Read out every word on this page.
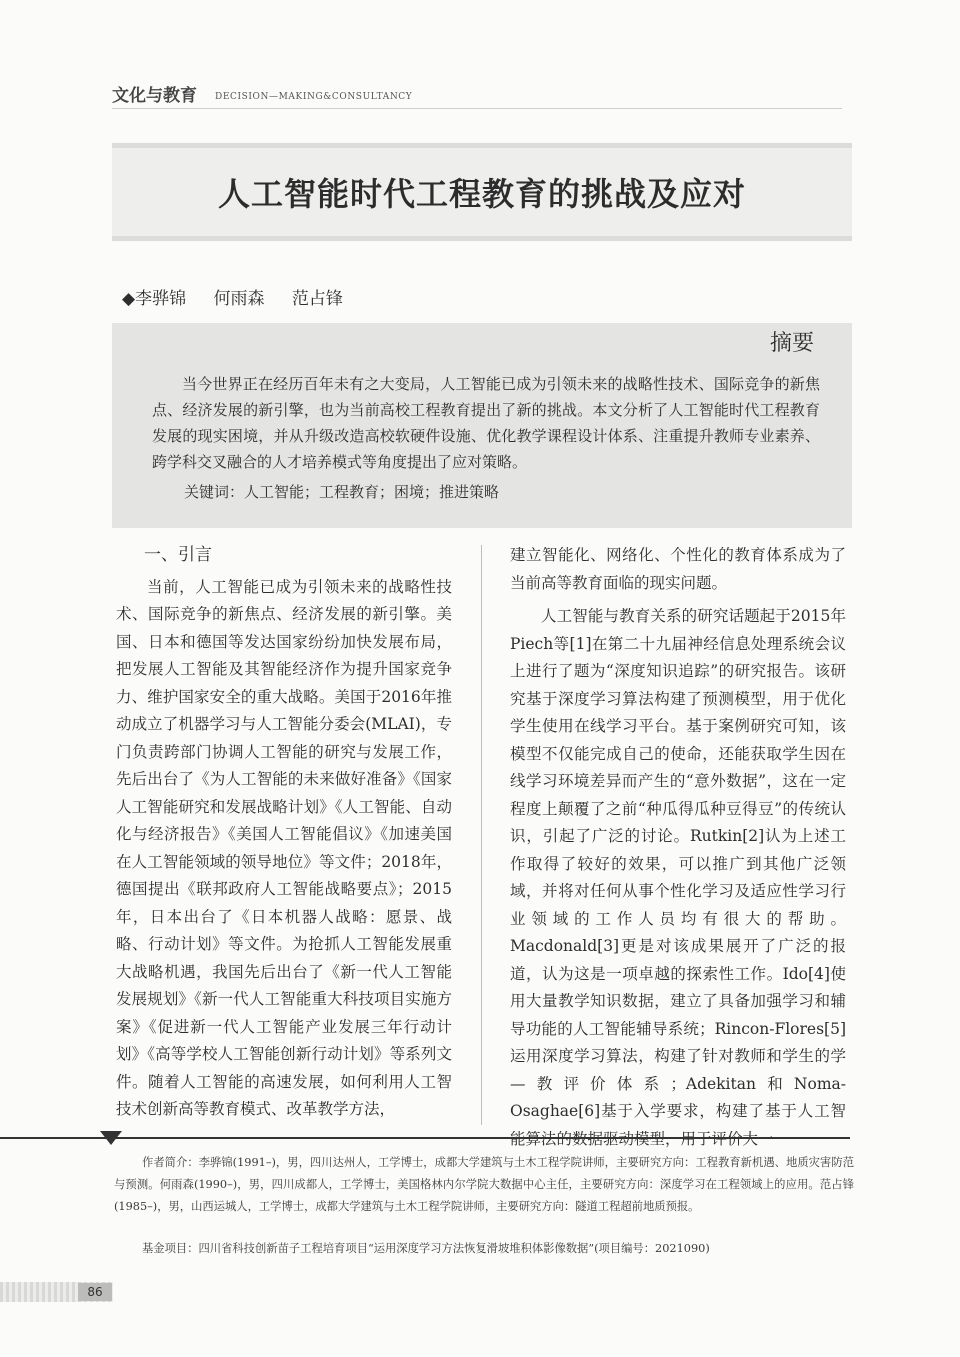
文化与教育	DECISION—MAKING&CONSULTANCY
人工智能时代工程教育的挑战及应对
◆李骅锦 何雨森 范占锋
摘要
当今世界正在经历百年未有之大变局，人工智能已成为引领未来的战略性技术、国际竞争的新焦点、经济发展的新引擎，也为当前高校工程教育提出了新的挑战。本文分析了人工智能时代工程教育发展的现实困境，并从升级改造高校软硬件设施、优化教学课程设计体系、注重提升教师专业素养、跨学科交叉融合的人才培养模式等角度提出了应对策略。
关键词：人工智能；工程教育；困境；推进策略
一、引言

当前，人工智能已成为引领未来的战略性技术、国际竞争的新焦点、经济发展的新引擎。美国、日本和德国等发达国家纷纷加快发展布局，把发展人工智能及其智能经济作为提升国家竞争力、维护国家安全的重大战略。美国于2016年推动成立了机器学习与人工智能分委会(MLAI)，专门负责跨部门协调人工智能的研究与发展工作，先后出台了《为人工智能的未来做好准备》《国家人工智能研究和发展战略计划》《人工智能、自动化与经济报告》《美国人工智能倡议》《加速美国在人工智能领域的领导地位》等文件；2018年，德国提出《联邦政府人工智能战略要点》；2015年，日本出台了《日本机器人战略：愿景、战略、行动计划》等文件。为抢抓人工智能发展重大战略机遇，我国先后出台了《新一代人工智能发展规划》《新一代人工智能重大科技项目实施方案》《促进新一代人工智能产业发展三年行动计划》《高等学校人工智能创新行动计划》等系列文件。随着人工智能的高速发展，如何利用人工智技术创新高等教育模式、改革教学方法，

建立智能化、网络化、个性化的教育体系成为了当前高等教育面临的现实问题。

人工智能与教育关系的研究话题起于2015年Piech等[1]在第二十九届神经信息处理系统会议上进行了题为“深度知识追踪”的研究报告。该研究基于深度学习算法构建了预测模型，用于优化学生使用在线学习平台。基于案例研究可知，该模型不仅能完成自己的使命，还能获取学生因在线学习环境差异而产生的“意外数据”，这在一定程度上颠覆了之前“种瓜得瓜种豆得豆”的传统认识，引起了广泛的讨论。Rutkin[2]认为上述工作取得了较好的效果，可以推广到其他广泛领域，并将对任何从事个性化学习及适应性学习行业领域的工作人员均有很大的帮助。Macdonald[3]更是对该成果展开了广泛的报道，认为这是一项卓越的探索性工作。Ido[4]使用大量教学知识数据，建立了具备加强学习和辅导功能的人工智能辅导系统；Rincon-Flores[5]运用深度学习算法，构建了针对教师和学生的学—教评价体系；Adekitan和Noma-Osaghae[6]基于入学要求，构建了基于人工智

作者简介：李骅锦(1991–)，男，四川达州人，工学博士，成都大学建筑与土木工程学院讲师，主要研究方向：工程教育新机遇、地质灾害防范与预测。何雨森(1990–)，男，四川成都人，工学博士，美国格林内尔学院大数据中心主任，主要研究方向：深度学习在工程领域上的应用。范占锋(1985–)，男，山西运城人，工学博士，成都大学建筑与土木工程学院讲师，主要研究方向：隧道工程超前地质预报。
基金项目：四川省科技创新苗子工程培育项目“运用深度学习方法恢复滑坡堆积体影像数据”(项目编号：2021090)
86
